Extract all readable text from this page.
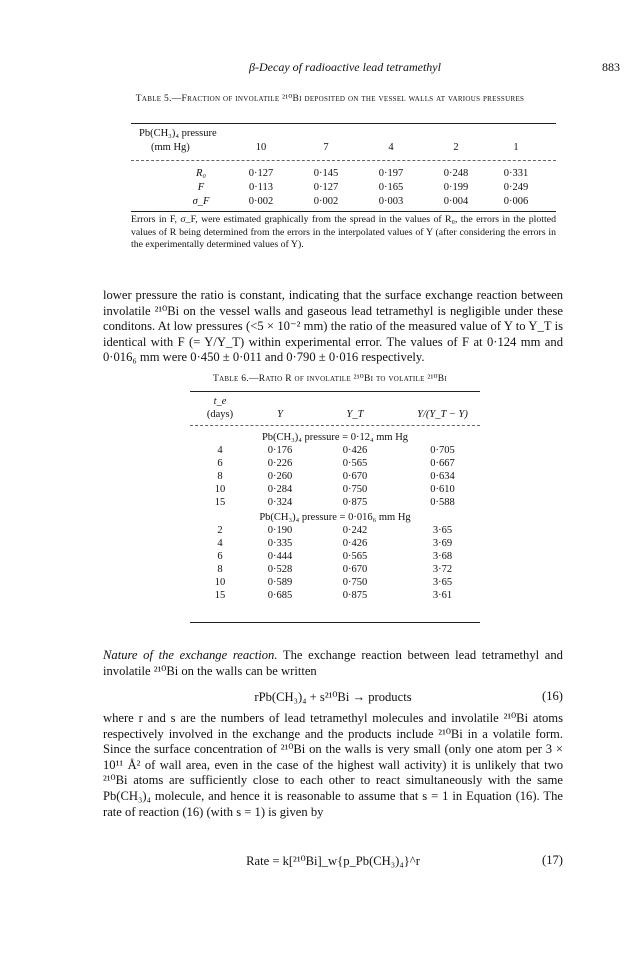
β-Decay of radioactive lead tetramethyl	883
Table 5.—Fraction of involatile ²¹⁰Bi deposited on the vessel walls at various pressures
Pb(CH₃)₄ pressure
(mm Hg)	10	7	4	2	1
R₀	0·127	0·145	0·197	0·248	0·331
F	0·113	0·127	0·165	0·199	0·249
σ_F	0·002	0·002	0·003	0·004	0·006
Errors in F, σ_F, were estimated graphically from the spread in the values of R₀, the errors in the plotted values of R being determined from the errors in the interpolated values of Y (after considering the errors in the experimentally determined values of Y).
lower pressure the ratio is constant, indicating that the surface exchange reaction between involatile ²¹⁰Bi on the vessel walls and gaseous lead tetramethyl is negligible under these conditons. At low pressures (<5 × 10⁻² mm) the ratio of the measured value of Y to Y_T is identical with F (= Y/Y_T) within experimental error. The values of F at 0·124 mm and 0·016₆ mm were 0·450 ± 0·011 and 0·790 ± 0·016 respectively.
Table 6.—Ratio R of involatile ²¹⁰Bi to volatile ²¹⁰Bi
t_e
(days)	Y	Y_T	Y/(Y_T − Y)
Pb(CH₃)₄ pressure = 0·12₄ mm Hg
4	0·176	0·426	0·705
6	0·226	0·565	0·667
8	0·260	0·670	0·634
10	0·284	0·750	0·610
15	0·324	0·875	0·588
Pb(CH₃)₄ pressure = 0·016₆ mm Hg
2	0·190	0·242	3·65
4	0·335	0·426	3·69
6	0·444	0·565	3·68
8	0·528	0·670	3·72
10	0·589	0·750	3·65
15	0·685	0·875	3·61
Nature of the exchange reaction. The exchange reaction between lead tetramethyl and involatile ²¹⁰Bi on the walls can be written
rPb(CH₃)₄ + s²¹⁰Bi → products	(16)
where r and s are the numbers of lead tetramethyl molecules and involatile ²¹⁰Bi atoms respectively involved in the exchange and the products include ²¹⁰Bi in a volatile form. Since the surface concentration of ²¹⁰Bi on the walls is very small (only one atom per 3 × 10¹¹ Å² of wall area, even in the case of the highest wall activity) it is unlikely that two ²¹⁰Bi atoms are sufficiently close to each other to react simultaneously with the same Pb(CH₃)₄ molecule, and hence it is reasonable to assume that s = 1 in Equation (16). The rate of reaction (16) (with s = 1) is given by
Rate = k[²¹⁰Bi]_w{p_Pb(CH₃)₄}^r	(17)
